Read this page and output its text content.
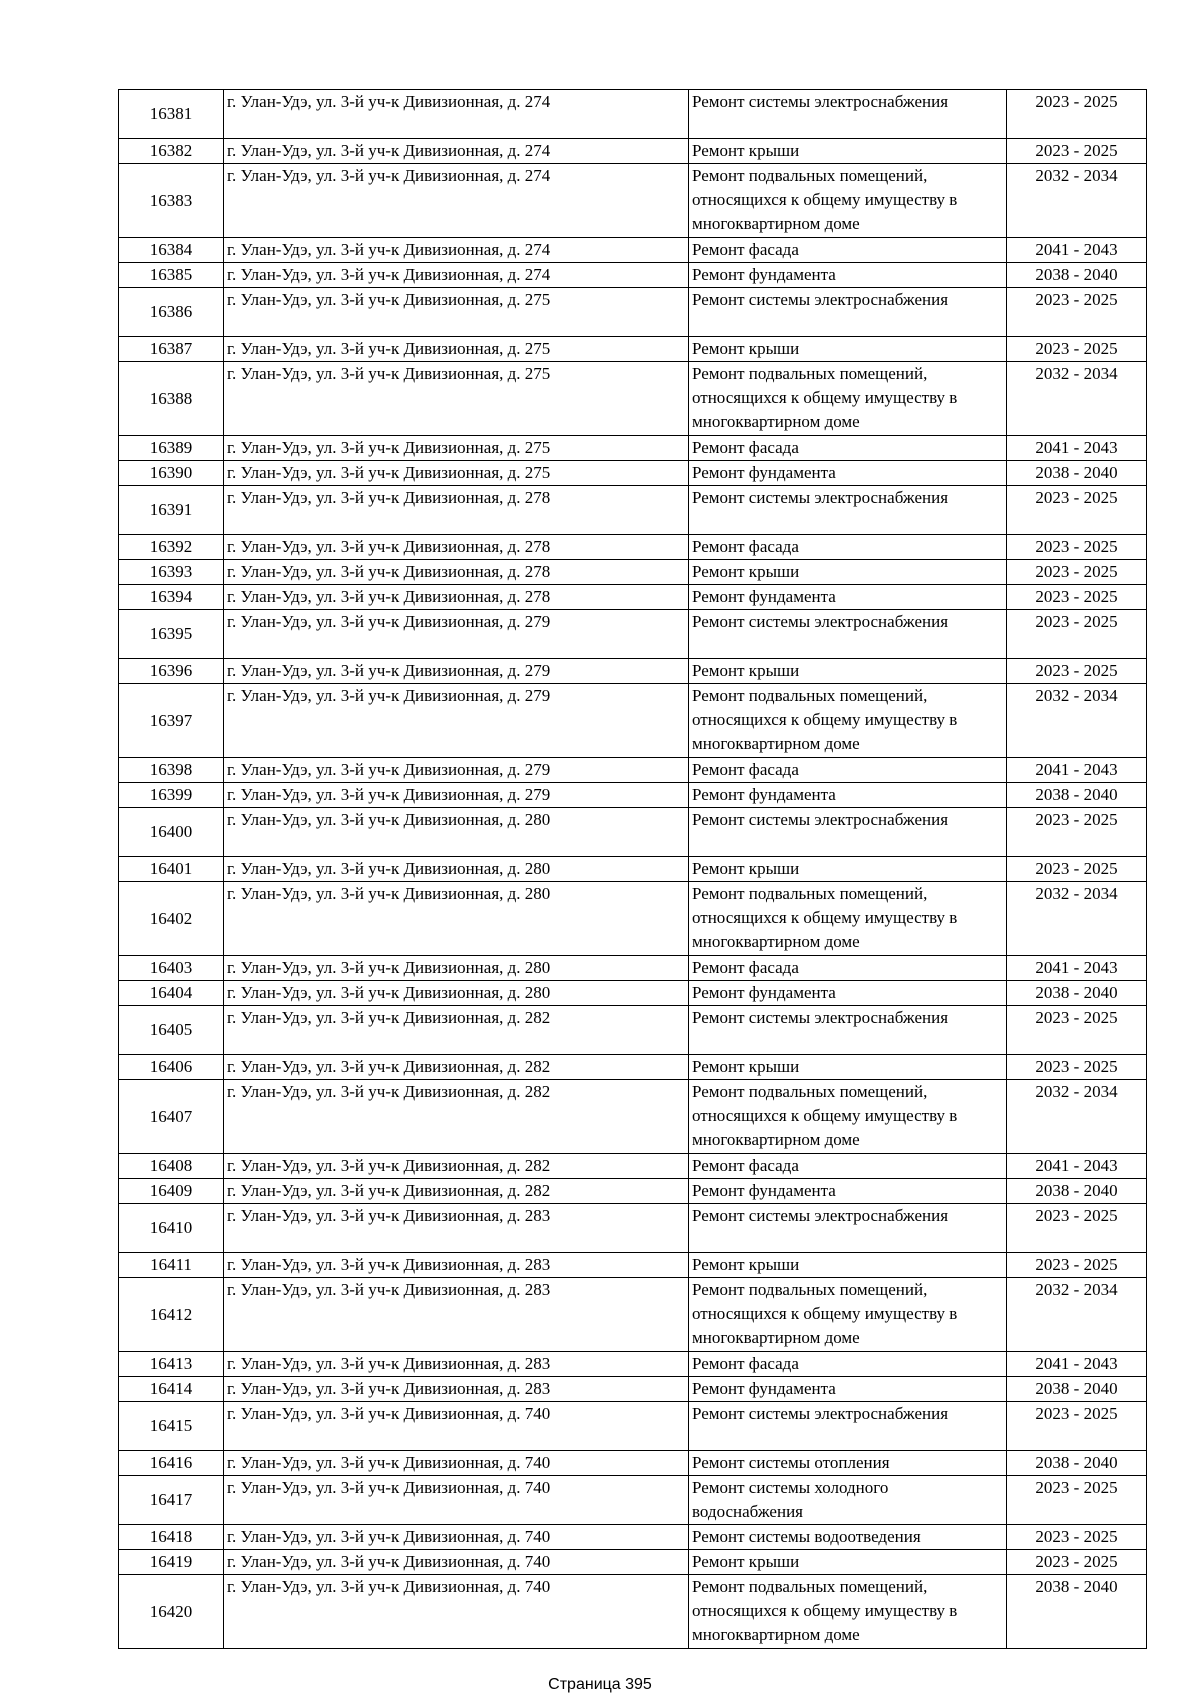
16381	г. Улан-Удэ, ул. 3-й уч-к Дивизионная, д. 274	Ремонт системы электроснабжения	2023 - 2025
16382	г. Улан-Удэ, ул. 3-й уч-к Дивизионная, д. 274	Ремонт крыши	2023 - 2025
16383	г. Улан-Удэ, ул. 3-й уч-к Дивизионная, д. 274	Ремонт подвальных помещений, относящихся к общему имуществу в многоквартирном доме	2032 - 2034
16384	г. Улан-Удэ, ул. 3-й уч-к Дивизионная, д. 274	Ремонт фасада	2041 - 2043
16385	г. Улан-Удэ, ул. 3-й уч-к Дивизионная, д. 274	Ремонт фундамента	2038 - 2040
16386	г. Улан-Удэ, ул. 3-й уч-к Дивизионная, д. 275	Ремонт системы электроснабжения	2023 - 2025
16387	г. Улан-Удэ, ул. 3-й уч-к Дивизионная, д. 275	Ремонт крыши	2023 - 2025
16388	г. Улан-Удэ, ул. 3-й уч-к Дивизионная, д. 275	Ремонт подвальных помещений, относящихся к общему имуществу в многоквартирном доме	2032 - 2034
16389	г. Улан-Удэ, ул. 3-й уч-к Дивизионная, д. 275	Ремонт фасада	2041 - 2043
16390	г. Улан-Удэ, ул. 3-й уч-к Дивизионная, д. 275	Ремонт фундамента	2038 - 2040
16391	г. Улан-Удэ, ул. 3-й уч-к Дивизионная, д. 278	Ремонт системы электроснабжения	2023 - 2025
16392	г. Улан-Удэ, ул. 3-й уч-к Дивизионная, д. 278	Ремонт фасада	2023 - 2025
16393	г. Улан-Удэ, ул. 3-й уч-к Дивизионная, д. 278	Ремонт крыши	2023 - 2025
16394	г. Улан-Удэ, ул. 3-й уч-к Дивизионная, д. 278	Ремонт фундамента	2023 - 2025
16395	г. Улан-Удэ, ул. 3-й уч-к Дивизионная, д. 279	Ремонт системы электроснабжения	2023 - 2025
16396	г. Улан-Удэ, ул. 3-й уч-к Дивизионная, д. 279	Ремонт крыши	2023 - 2025
16397	г. Улан-Удэ, ул. 3-й уч-к Дивизионная, д. 279	Ремонт подвальных помещений, относящихся к общему имуществу в многоквартирном доме	2032 - 2034
16398	г. Улан-Удэ, ул. 3-й уч-к Дивизионная, д. 279	Ремонт фасада	2041 - 2043
16399	г. Улан-Удэ, ул. 3-й уч-к Дивизионная, д. 279	Ремонт фундамента	2038 - 2040
16400	г. Улан-Удэ, ул. 3-й уч-к Дивизионная, д. 280	Ремонт системы электроснабжения	2023 - 2025
16401	г. Улан-Удэ, ул. 3-й уч-к Дивизионная, д. 280	Ремонт крыши	2023 - 2025
16402	г. Улан-Удэ, ул. 3-й уч-к Дивизионная, д. 280	Ремонт подвальных помещений, относящихся к общему имуществу в многоквартирном доме	2032 - 2034
16403	г. Улан-Удэ, ул. 3-й уч-к Дивизионная, д. 280	Ремонт фасада	2041 - 2043
16404	г. Улан-Удэ, ул. 3-й уч-к Дивизионная, д. 280	Ремонт фундамента	2038 - 2040
16405	г. Улан-Удэ, ул. 3-й уч-к Дивизионная, д. 282	Ремонт системы электроснабжения	2023 - 2025
16406	г. Улан-Удэ, ул. 3-й уч-к Дивизионная, д. 282	Ремонт крыши	2023 - 2025
16407	г. Улан-Удэ, ул. 3-й уч-к Дивизионная, д. 282	Ремонт подвальных помещений, относящихся к общему имуществу в многоквартирном доме	2032 - 2034
16408	г. Улан-Удэ, ул. 3-й уч-к Дивизионная, д. 282	Ремонт фасада	2041 - 2043
16409	г. Улан-Удэ, ул. 3-й уч-к Дивизионная, д. 282	Ремонт фундамента	2038 - 2040
16410	г. Улан-Удэ, ул. 3-й уч-к Дивизионная, д. 283	Ремонт системы электроснабжения	2023 - 2025
16411	г. Улан-Удэ, ул. 3-й уч-к Дивизионная, д. 283	Ремонт крыши	2023 - 2025
16412	г. Улан-Удэ, ул. 3-й уч-к Дивизионная, д. 283	Ремонт подвальных помещений, относящихся к общему имуществу в многоквартирном доме	2032 - 2034
16413	г. Улан-Удэ, ул. 3-й уч-к Дивизионная, д. 283	Ремонт фасада	2041 - 2043
16414	г. Улан-Удэ, ул. 3-й уч-к Дивизионная, д. 283	Ремонт фундамента	2038 - 2040
16415	г. Улан-Удэ, ул. 3-й уч-к Дивизионная, д. 740	Ремонт системы электроснабжения	2023 - 2025
16416	г. Улан-Удэ, ул. 3-й уч-к Дивизионная, д. 740	Ремонт системы отопления	2038 - 2040
16417	г. Улан-Удэ, ул. 3-й уч-к Дивизионная, д. 740	Ремонт системы холодного водоснабжения	2023 - 2025
16418	г. Улан-Удэ, ул. 3-й уч-к Дивизионная, д. 740	Ремонт системы водоотведения	2023 - 2025
16419	г. Улан-Удэ, ул. 3-й уч-к Дивизионная, д. 740	Ремонт крыши	2023 - 2025
16420	г. Улан-Удэ, ул. 3-й уч-к Дивизионная, д. 740	Ремонт подвальных помещений, относящихся к общему имуществу в многоквартирном доме	2038 - 2040
Страница 395
